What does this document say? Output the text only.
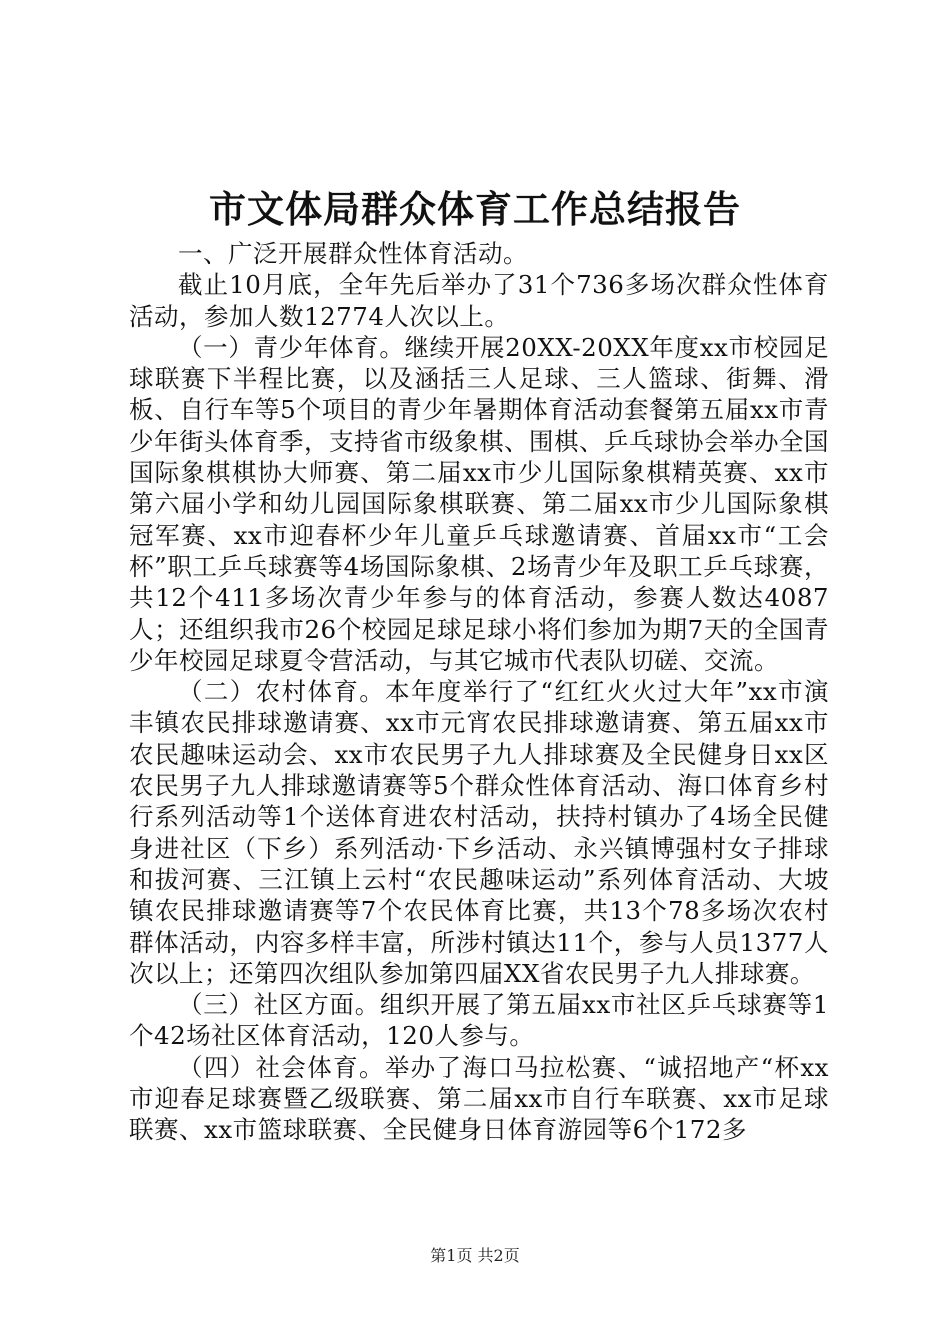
市文体局群众体育工作总结报告

一、广泛开展群众性体育活动。

截止10月底，全年先后举办了31个736多场次群众性体育活动，参加人数12774人次以上。

（一）青少年体育。继续开展20XX-20XX年度xx市校园足球联赛下半程比赛，以及涵括三人足球、三人篮球、街舞、滑板、自行车等5个项目的青少年暑期体育活动套餐第五届xx市青少年街头体育季，支持省市级象棋、围棋、乒乓球协会举办全国国际象棋棋协大师赛、第二届xx市少儿国际象棋精英赛、xx市第六届小学和幼儿园国际象棋联赛、第二届xx市少儿国际象棋冠军赛、xx市迎春杯少年儿童乒乓球邀请赛、首届xx市“工会杯”职工乒乓球赛等4场国际象棋、2场青少年及职工乒乓球赛，共12个411多场次青少年参与的体育活动，参赛人数达4087人；还组织我市26个校园足球足球小将们参加为期7天的全国青少年校园足球夏令营活动，与其它城市代表队切磋、交流。

（二）农村体育。本年度举行了“红红火火过大年”xx市演丰镇农民排球邀请赛、xx市元宵农民排球邀请赛、第五届xx市农民趣味运动会、xx市农民男子九人排球赛及全民健身日xx区农民男子九人排球邀请赛等5个群众性体育活动、海口体育乡村行系列活动等1个送体育进农村活动，扶持村镇办了4场全民健身进社区（下乡）系列活动·下乡活动、永兴镇博强村女子排球和拔河赛、三江镇上云村“农民趣味运动”系列体育活动、大坡镇农民排球邀请赛等7个农民体育比赛，共13个78多场次农村群体活动，内容多样丰富，所涉村镇达11个，参与人员1377人次以上；还第四次组队参加第四届XX省农民男子九人排球赛。

（三）社区方面。组织开展了第五届xx市社区乒乓球赛等1个42场社区体育活动，120人参与。

（四）社会体育。举办了海口马拉松赛、“诚招地产“杯xx市迎春足球赛暨乙级联赛、第二届xx市自行车联赛、xx市足球联赛、xx市篮球联赛、全民健身日体育游园等6个172多

第1页 共2页
